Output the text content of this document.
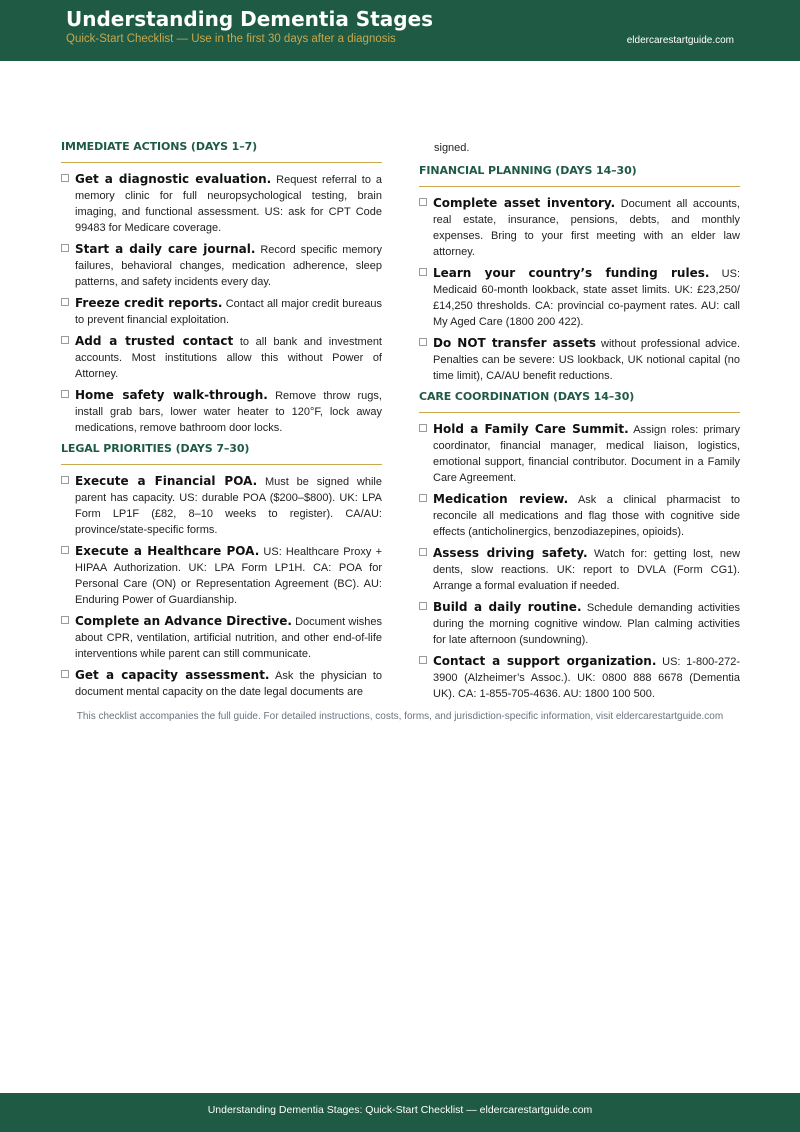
Understanding Dementia Stages
Quick-Start Checklist — Use in the first 30 days after a diagnosis	eldercarestartguide.com
IMMEDIATE ACTIONS (DAYS 1–7)
Get a diagnostic evaluation. Request referral to a memory clinic for full neuropsychological testing, brain imaging, and functional assessment. US: ask for CPT Code 99483 for Medicare coverage.
Start a daily care journal. Record specific memory failures, behavioral changes, medication adherence, sleep patterns, and safety incidents every day.
Freeze credit reports. Contact all major credit bureaus to prevent financial exploitation.
Add a trusted contact to all bank and investment accounts. Most institutions allow this without Power of Attorney.
Home safety walk-through. Remove throw rugs, install grab bars, lower water heater to 120°F, lock away medications, remove bathroom door locks.
LEGAL PRIORITIES (DAYS 7–30)
Execute a Financial POA. Must be signed while parent has capacity. US: durable POA ($200–$800). UK: LPA Form LP1F (£82, 8–10 weeks to register). CA/AU: province/state-specific forms.
Execute a Healthcare POA. US: Healthcare Proxy + HIPAA Authorization. UK: LPA Form LP1H. CA: POA for Personal Care (ON) or Representation Agreement (BC). AU: Enduring Power of Guardianship.
Complete an Advance Directive. Document wishes about CPR, ventilation, artificial nutrition, and other end-of-life interventions while parent can still communicate.
Get a capacity assessment. Ask the physician to document mental capacity on the date legal documents are

signed.

FINANCIAL PLANNING (DAYS 14–30)
Complete asset inventory. Document all accounts, real estate, insurance, pensions, debts, and monthly expenses. Bring to your first meeting with an elder law attorney.
Learn your country’s funding rules. US: Medicaid 60-month lookback, state asset limits. UK: £23,250/£14,250 thresholds. CA: provincial co-payment rates. AU: call My Aged Care (1800 200 422).
Do NOT transfer assets without professional advice. Penalties can be severe: US lookback, UK notional capital (no time limit), CA/AU benefit reductions.
CARE COORDINATION (DAYS 14–30)
Hold a Family Care Summit. Assign roles: primary coordinator, financial manager, medical liaison, logistics, emotional support, financial contributor. Document in a Family Care Agreement.
Medication review. Ask a clinical pharmacist to reconcile all medications and flag those with cognitive side effects (anticholinergics, benzodiazepines, opioids).
Assess driving safety. Watch for: getting lost, new dents, slow reactions. UK: report to DVLA (Form CG1). Arrange a formal evaluation if needed.
Build a daily routine. Schedule demanding activities during the morning cognitive window. Plan calming activities for late afternoon (sundowning).
Contact a support organization. US: 1-800-272-3900 (Alzheimer’s Assoc.). UK: 0800 888 6678 (Dementia UK). CA: 1-855-705-4636. AU: 1800 100 500.
This checklist accompanies the full guide. For detailed instructions, costs, forms, and jurisdiction-specific information, visit eldercarestartguide.com
Understanding Dementia Stages: Quick-Start Checklist — eldercarestartguide.com
